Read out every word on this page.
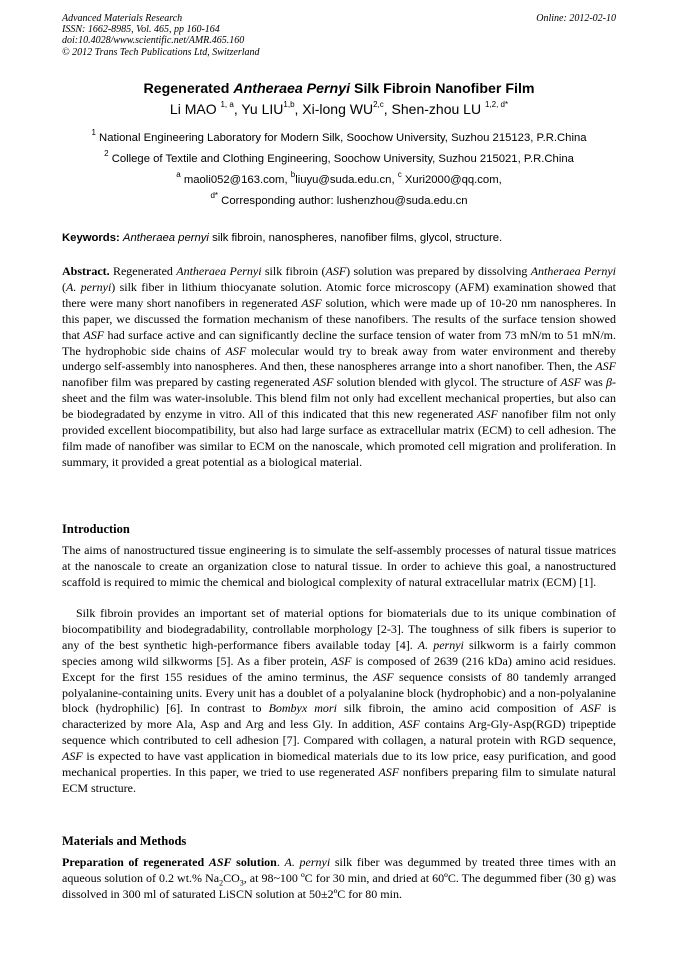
Advanced Materials Research
ISSN: 1662-8985, Vol. 465, pp 160-164
doi:10.4028/www.scientific.net/AMR.465.160
© 2012 Trans Tech Publications Ltd, Switzerland
Online: 2012-02-10
Regenerated Antheraea Pernyi Silk Fibroin Nanofiber Film
Li MAO $^{1, a}$, Yu LIU$^{1,b}$, Xi-long WU$^{2,c}$, Shen-zhou LU $^{1,2, d*}$
$^1$ National Engineering Laboratory for Modern Silk, Soochow University, Suzhou 215123, P.R.China
$^2$ College of Textile and Clothing Engineering, Soochow University, Suzhou 215021, P.R.China
$^a$ maoli052@163.com, $^b$liuyu@suda.edu.cn, $^c$ Xuri2000@qq.com,
$^{d*}$ Corresponding author: lushenzhou@suda.edu.cn
Keywords: Antheraea pernyi silk fibroin, nanospheres, nanofiber films, glycol, structure.
Abstract. Regenerated Antheraea Pernyi silk fibroin (ASF) solution was prepared by dissolving Antheraea Pernyi (A. pernyi) silk fiber in lithium thiocyanate solution. Atomic force microscopy (AFM) examination showed that there were many short nanofibers in regenerated ASF solution, which were made up of 10-20 nm nanospheres. In this paper, we discussed the formation mechanism of these nanofibers. The results of the surface tension showed that ASF had surface active and can significantly decline the surface tension of water from 73 mN/m to 51 mN/m. The hydrophobic side chains of ASF molecular would try to break away from water environment and thereby undergo self-assembly into nanospheres. And then, these nanospheres arrange into a short nanofiber. Then, the ASF nanofiber film was prepared by casting regenerated ASF solution blended with glycol. The structure of ASF was β-sheet and the film was water-insoluble. This blend film not only had excellent mechanical properties, but also can be biodegradated by enzyme in vitro. All of this indicated that this new regenerated ASF nanofiber film not only provided excellent biocompatibility, but also had large surface as extracellular matrix (ECM) to cell adhesion. The film made of nanofiber was similar to ECM on the nanoscale, which promoted cell migration and proliferation. In summary, it provided a great potential as a biological material.
Introduction
The aims of nanostructured tissue engineering is to simulate the self-assembly processes of natural tissue matrices at the nanoscale to create an organization close to natural tissue. In order to achieve this goal, a nanostructured scaffold is required to mimic the chemical and biological complexity of natural extracellular matrix (ECM) [1].
Silk fibroin provides an important set of material options for biomaterials due to its unique combination of biocompatibility and biodegradability, controllable morphology [2-3]. The toughness of silk fibers is superior to any of the best synthetic high-performance fibers available today [4]. A. pernyi silkworm is a fairly common species among wild silkworms [5]. As a fiber protein, ASF is composed of 2639 (216 kDa) amino acid residues. Except for the first 155 residues of the amino terminus, the ASF sequence consists of 80 tandemly arranged polyalanine-containing units. Every unit has a doublet of a polyalanine block (hydrophobic) and a non-polyalanine block (hydrophilic) [6]. In contrast to Bombyx mori silk fibroin, the amino acid composition of ASF is characterized by more Ala, Asp and Arg and less Gly. In addition, ASF contains Arg-Gly-Asp(RGD) tripeptide sequence which contributed to cell adhesion [7]. Compared with collagen, a natural protein with RGD sequence, ASF is expected to have vast application in biomedical materials due to its low price, easy purification, and good mechanical properties. In this paper, we tried to use regenerated ASF nonfibers preparing film to simulate natural ECM structure.
Materials and Methods
Preparation of regenerated ASF solution. A. pernyi silk fiber was degummed by treated three times with an aqueous solution of 0.2 wt.% $Na_2CO_3$, at 98~100 ºC for 30 min, and dried at 60ºC. The degummed fiber (30 g) was dissolved in 300 ml of saturated LiSCN solution at 50±2ºC for 80 min.
